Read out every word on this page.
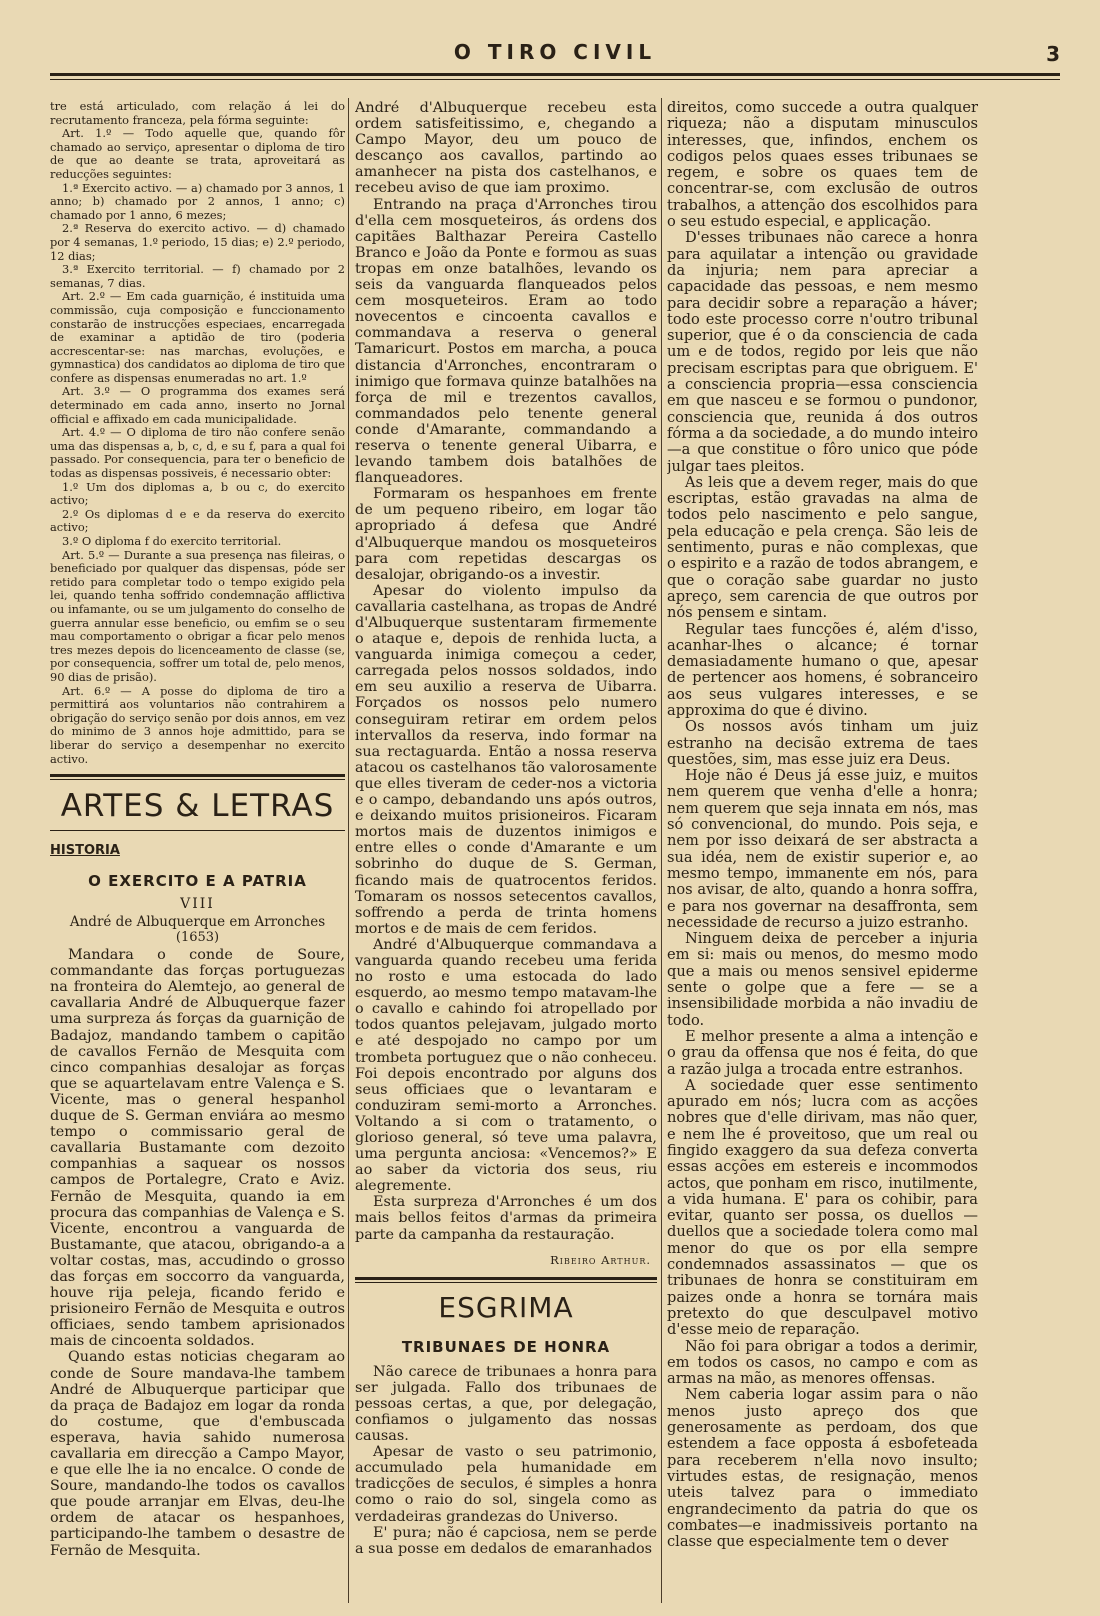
O TIRO CIVIL	3

tre está articulado, com relação á lei do recrutamento franceza, pela fórma seguinte:

Art. 1.º — Todo aquelle que, quando fôr chamado ao serviço, apresentar o diploma de tiro de que ao deante se trata, aproveitará as reducções seguintes:

1.ª Exercito activo. — a) chamado por 3 annos, 1 anno; b) chamado por 2 annos, 1 anno; c) chamado por 1 anno, 6 mezes;

2.ª Reserva do exercito activo. — d) chamado por 4 semanas, 1.º periodo, 15 dias; e) 2.º periodo, 12 dias;

3.ª Exercito territorial. — f) chamado por 2 semanas, 7 dias.

Art. 2.º — Em cada guarnição, é instituida uma commissão, cuja composição e funccionamento constarão de instrucções especiaes, encarregada de examinar a aptidão de tiro (poderia accrescentar-se: nas marchas, evoluções, e gymnastica) dos candidatos ao diploma de tiro que confere as dispensas enumeradas no art. 1.º

Art. 3.º — O programma dos exames será determinado em cada anno, inserto no Jornal official e affixado em cada municipalidade.

Art. 4.º — O diploma de tiro não confere senão uma das dispensas a, b, c, d, e su f, para a qual foi passado. Por consequencia, para ter o beneficio de todas as dispensas possiveis, é necessario obter:

1.º Um dos diplomas a, b ou c, do exercito activo;

2.º Os diplomas d e e da reserva do exercito activo;

3.º O diploma f do exercito territorial.

Art. 5.º — Durante a sua presença nas fileiras, o beneficiado por qualquer das dispensas, póde ser retido para completar todo o tempo exigido pela lei, quando tenha soffrido condemnação afflictiva ou infamante, ou se um julgamento do conselho de guerra annular esse beneficio, ou emfim se o seu mau comportamento o obrigar a ficar pelo menos tres mezes depois do licenceamento de classe (se, por consequencia, soffrer um total de, pelo menos, 90 dias de prisão).

Art. 6.º — A posse do diploma de tiro a permittirá aos voluntarios não contrahirem a obrigação do serviço senão por dois annos, em vez do minimo de 3 annos hoje admittido, para se liberar do serviço a desempenhar no exercito activo.

ARTES & LETRAS
HISTORIA
O EXERCITO E A PATRIA
VIII
André de Albuquerque em Arronches
(1653)

Mandara o conde de Soure, commandante das forças portuguezas na fronteira do Alemtejo, ao general de cavallaria André de Albuquerque fazer uma surpreza ás forças da guarnição de Badajoz, mandando tambem o capitão de cavallos Fernão de Mesquita com cinco companhias desalojar as forças que se aquartelavam entre Valença e S. Vicente, mas o general hespanhol duque de S. German enviára ao mesmo tempo o commissario geral de cavallaria Bustamante com dezoito companhias a saquear os nossos campos de Portalegre, Crato e Aviz. Fernão de Mesquita, quando ia em procura das companhias de Valença e S. Vicente, encontrou a vanguarda de Bustamante, que atacou, obrigando-a a voltar costas, mas, accudindo o grosso das forças em soccorro da vanguarda, houve rija peleja, ficando ferido e prisioneiro Fernão de Mesquita e outros officiaes, sendo tambem aprisionados mais de cincoenta soldados.

Quando estas noticias chegaram ao conde de Soure mandava-lhe tambem André de Albuquerque participar que da praça de Badajoz em logar da ronda do costume, que d'embuscada esperava, havia sahido numerosa cavallaria em direcção a Campo Mayor, e que elle lhe ia no encalce. O conde de Soure, mandando-lhe todos os cavallos que poude arranjar em Elvas, deu-lhe ordem de atacar os hespanhoes, participando-lhe tambem o desastre de Fernão de Mesquita.

André d'Albuquerque recebeu esta ordem satisfeitissimo, e, chegando a Campo Mayor, deu um pouco de descanço aos cavallos, partindo ao amanhecer na pista dos castelhanos, e recebeu aviso de que iam proximo.

Entrando na praça d'Arronches tirou d'ella cem mosqueteiros, ás ordens dos capitães Balthazar Pereira Castello Branco e João da Ponte e formou as suas tropas em onze batalhões, levando os seis da vanguarda flanqueados pelos cem mosqueteiros. Eram ao todo novecentos e cincoenta cavallos e commandava a reserva o general Tamaricurt. Postos em marcha, a pouca distancia d'Arronches, encontraram o inimigo que formava quinze batalhões na força de mil e trezentos cavallos, commandados pelo tenente general conde d'Amarante, commandando a reserva o tenente general Uibarra, e levando tambem dois batalhões de flanqueadores.

Formaram os hespanhoes em frente de um pequeno ribeiro, em logar tão apropriado á defesa que André d'Albuquerque mandou os mosqueteiros para com repetidas descargas os desalojar, obrigando-os a investir.

Apesar do violento impulso da cavallaria castelhana, as tropas de André d'Albuquerque sustentaram firmemente o ataque e, depois de renhida lucta, a vanguarda inimiga começou a ceder, carregada pelos nossos soldados, indo em seu auxilio a reserva de Uibarra. Forçados os nossos pelo numero conseguiram retirar em ordem pelos intervallos da reserva, indo formar na sua rectaguarda. Então a nossa reserva atacou os castelhanos tão valorosamente que elles tiveram de ceder-nos a victoria e o campo, debandando uns após outros, e deixando muitos prisioneiros. Ficaram mortos mais de duzentos inimigos e entre elles o conde d'Amarante e um sobrinho do duque de S. German, ficando mais de quatrocentos feridos. Tomaram os nossos setecentos cavallos, soffrendo a perda de trinta homens mortos e de mais de cem feridos.

André d'Albuquerque commandava a vanguarda quando recebeu uma ferida no rosto e uma estocada do lado esquerdo, ao mesmo tempo matavam-lhe o cavallo e cahindo foi atropellado por todos quantos pelejavam, julgado morto e até despojado no campo por um trombeta portuguez que o não conheceu. Foi depois encontrado por alguns dos seus officiaes que o levantaram e conduziram semi-morto a Arronches. Voltando a si com o tratamento, o glorioso general, só teve uma palavra, uma pergunta anciosa: «Vencemos?» E ao saber da victoria dos seus, riu alegremente.

Esta surpreza d'Arronches é um dos mais bellos feitos d'armas da primeira parte da campanha da restauração.

Ribeiro Arthur.
ESGRIMA
TRIBUNAES DE HONRA

Não carece de tribunaes a honra para ser julgada. Fallo dos tribunaes de pessoas certas, a que, por delegação, confiamos o julgamento das nossas causas.

Apesar de vasto o seu patrimonio, accumulado pela humanidade em tradicções de seculos, é simples a honra como o raio do sol, singela como as verdadeiras grandezas do Universo.

E' pura; não é capciosa, nem se perde a sua posse em dedalos de emaranhados

direitos, como succede a outra qualquer riqueza; não a disputam minusculos interesses, que, infindos, enchem os codigos pelos quaes esses tribunaes se regem, e sobre os quaes tem de concentrar-se, com exclusão de outros trabalhos, a attenção dos escolhidos para o seu estudo especial, e applicação.

D'esses tribunaes não carece a honra para aquilatar a intenção ou gravidade da injuria; nem para apreciar a capacidade das pessoas, e nem mesmo para decidir sobre a reparação a háver; todo este processo corre n'outro tribunal superior, que é o da consciencia de cada um e de todos, regido por leis que não precisam escriptas para que obriguem. E' a consciencia propria—essa consciencia em que nasceu e se formou o pundonor, consciencia que, reunida á dos outros fórma a da sociedade, a do mundo inteiro—a que constitue o fôro unico que póde julgar taes pleitos.

As leis que a devem reger, mais do que escriptas, estão gravadas na alma de todos pelo nascimento e pelo sangue, pela educação e pela crença. São leis de sentimento, puras e não complexas, que o espirito e a razão de todos abrangem, e que o coração sabe guardar no justo apreço, sem carencia de que outros por nós pensem e sintam.

Regular taes funcções é, além d'isso, acanhar-lhes o alcance; é tornar demasiadamente humano o que, apesar de pertencer aos homens, é sobranceiro aos seus vulgares interesses, e se approxima do que é divino.

Os nossos avós tinham um juiz estranho na decisão extrema de taes questões, sim, mas esse juiz era Deus.

Hoje não é Deus já esse juiz, e muitos nem querem que venha d'elle a honra; nem querem que seja innata em nós, mas só convencional, do mundo. Pois seja, e nem por isso deixará de ser abstracta a sua idéa, nem de existir superior e, ao mesmo tempo, immanente em nós, para nos avisar, de alto, quando a honra soffra, e para nos governar na desaffronta, sem necessidade de recurso a juizo estranho.

Ninguem deixa de perceber a injuria em si: mais ou menos, do mesmo modo que a mais ou menos sensivel epiderme sente o golpe que a fere — se a insensibilidade morbida a não invadiu de todo.

E melhor presente a alma a intenção e o grau da offensa que nos é feita, do que a razão julga a trocada entre estranhos.

A sociedade quer esse sentimento apurado em nós; lucra com as acções nobres que d'elle dirivam, mas não quer, e nem lhe é proveitoso, que um real ou fingido exaggero da sua defeza converta essas acções em estereis e incommodos actos, que ponham em risco, inutilmente, a vida humana. E' para os cohibir, para evitar, quanto ser possa, os duellos — duellos que a sociedade tolera como mal menor do que os por ella sempre condemnados assassinatos — que os tribunaes de honra se constituiram em paizes onde a honra se tornára mais pretexto do que desculpavel motivo d'esse meio de reparação.

Não foi para obrigar a todos a derimir, em todos os casos, no campo e com as armas na mão, as menores offensas.

Nem caberia logar assim para o não menos justo apreço dos que generosamente as perdoam, dos que estendem a face opposta á esbofeteada para receberem n'ella novo insulto; virtudes estas, de resignação, menos uteis talvez para o immediato engrandecimento da patria do que os combates—e inadmissiveis portanto na classe que especialmente tem o dever
